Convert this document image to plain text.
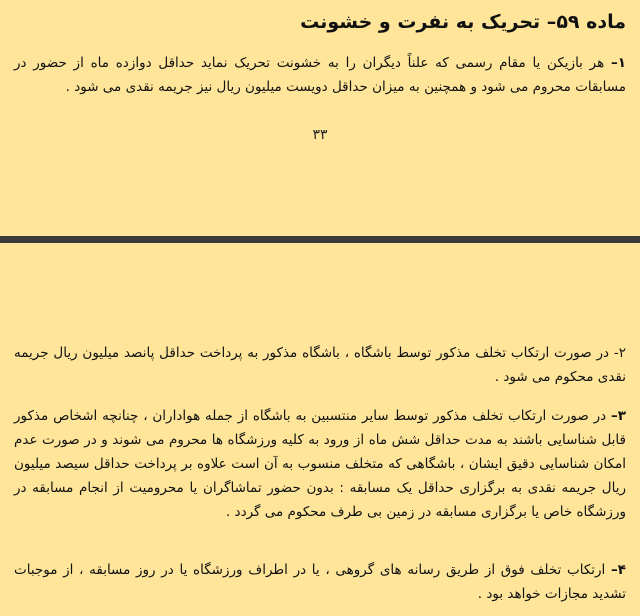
ماده ۵۹– تحریک به نفرت و خشونت

۱– هر بازیکن یا مقام رسمی که علناً دیگران را به خشونت تحریک نماید حداقل دوازده ماه از حضور در مسابقات محروم می شود و همچنین به میزان حداقل دویست میلیون ریال نیز جریمه نقدی می شود .

۳۳

۲- در صورت ارتکاب تخلف مذکور توسط باشگاه ، باشگاه مذکور به پرداخت حداقل پانصد میلیون ریال جریمه نقدی محکوم می شود .

۳– در صورت ارتکاب تخلف مذکور توسط سایر منتسبین به باشگاه از جمله هواداران ، چنانچه اشخاص مذکور قابل شناسایی باشند به مدت حداقل شش ماه از ورود به کلیه ورزشگاه ها محروم می شوند و در صورت عدم امکان شناسایی دقیق ایشان ، باشگاهی که متخلف منسوب به آن است علاوه بر پرداخت حداقل سیصد میلیون ریال جریمه نقدی به برگزاری حداقل یک مسابقه : بدون حضور تماشاگران یا محرومیت از انجام مسابقه در ورزشگاه خاص یا برگزاری مسابقه در زمین بی طرف محکوم می گردد .

۴– ارتکاب تخلف فوق از طریق رسانه های گروهی ، یا در اطراف ورزشگاه یا در روز مسابقه ، از موجبات تشدید مجازات خواهد بود .
